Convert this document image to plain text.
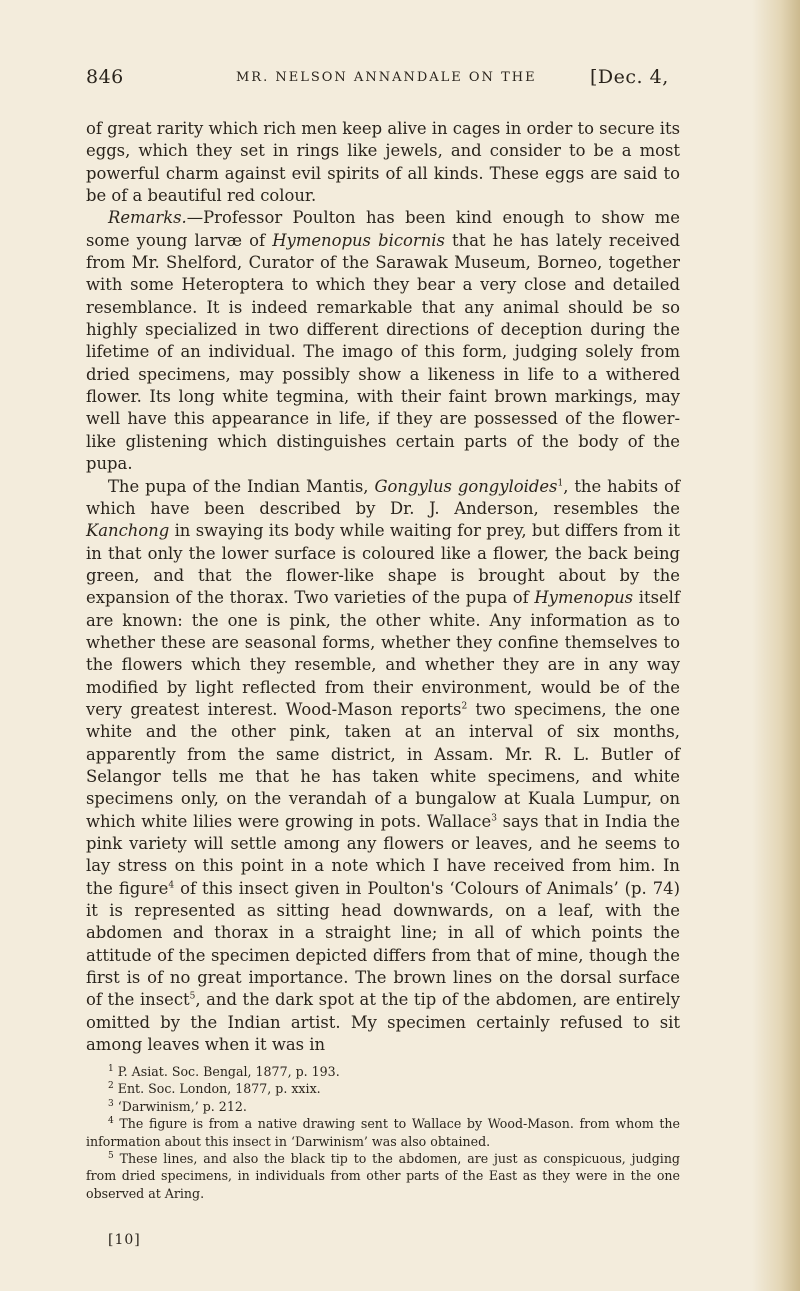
846	MR. NELSON ANNANDALE ON THE	[Dec. 4,

of great rarity which rich men keep alive in cages in order to secure its eggs, which they set in rings like jewels, and consider to be a most powerful charm against evil spirits of all kinds. These eggs are said to be of a beautiful red colour.

Remarks.—Professor Poulton has been kind enough to show me some young larvæ of Hymenopus bicornis that he has lately received from Mr. Shelford, Curator of the Sarawak Museum, Borneo, together with some Heteroptera to which they bear a very close and detailed resemblance. It is indeed remarkable that any animal should be so highly specialized in two different directions of deception during the lifetime of an individual. The imago of this form, judging solely from dried specimens, may possibly show a likeness in life to a withered flower. Its long white tegmina, with their faint brown markings, may well have this appearance in life, if they are possessed of the flower-like glistening which distinguishes certain parts of the body of the pupa.

The pupa of the Indian Mantis, Gongylus gongyloides$^1$, the habits of which have been described by Dr. J. Anderson, resembles the Kanchong in swaying its body while waiting for prey, but differs from it in that only the lower surface is coloured like a flower, the back being green, and that the flower-like shape is brought about by the expansion of the thorax. Two varieties of the pupa of Hymenopus itself are known: the one is pink, the other white. Any information as to whether these are seasonal forms, whether they confine themselves to the flowers which they resemble, and whether they are in any way modified by light reflected from their environment, would be of the very greatest interest. Wood-Mason reports$^2$ two specimens, the one white and the other pink, taken at an interval of six months, apparently from the same district, in Assam. Mr. R. L. Butler of Selangor tells me that he has taken white specimens, and white specimens only, on the verandah of a bungalow at Kuala Lumpur, on which white lilies were growing in pots. Wallace$^3$ says that in India the pink variety will settle among any flowers or leaves, and he seems to lay stress on this point in a note which I have received from him. In the figure$^4$ of this insect given in Poulton's ‘Colours of Animals’ (p. 74) it is represented as sitting head downwards, on a leaf, with the abdomen and thorax in a straight line; in all of which points the attitude of the specimen depicted differs from that of mine, though the first is of no great importance. The brown lines on the dorsal surface of the insect$^5$, and the dark spot at the tip of the abdomen, are entirely omitted by the Indian artist. My specimen certainly refused to sit among leaves when it was in

$^1$ P. Asiat. Soc. Bengal, 1877, p. 193.

$^2$ Ent. Soc. London, 1877, p. xxix.

$^3$ ‘Darwinism,’ p. 212.

$^4$ The figure is from a native drawing sent to Wallace by Wood-Mason. from whom the information about this insect in ‘Darwinism’ was also obtained.

$^5$ These lines, and also the black tip to the abdomen, are just as conspicuous, judging from dried specimens, in individuals from other parts of the East as they were in the one observed at Aring.

[10]
